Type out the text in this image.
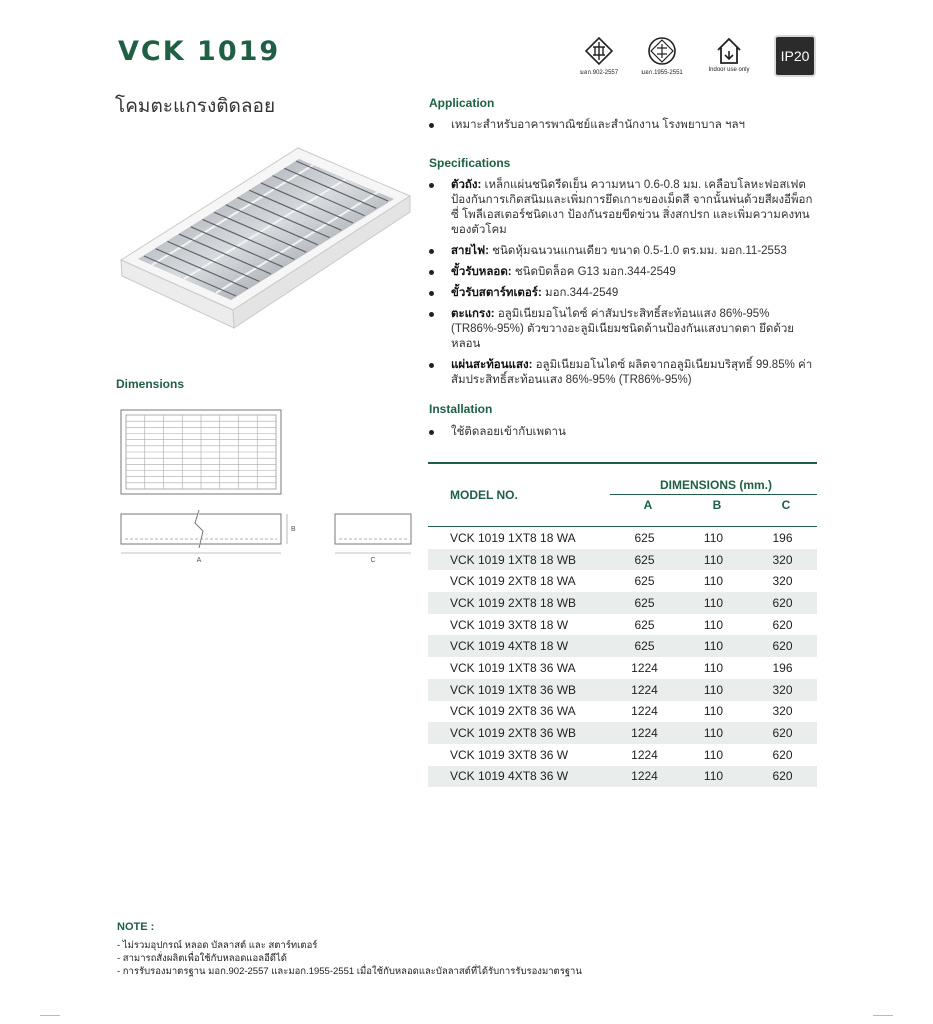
VCK 1019
โคมตะแกรงติดลอย
มอก.902-2557	มอก.1955-2551	Indoor use only
IP20
Dimensions
A
B
C
Application
เหมาะสำหรับอาคารพาณิชย์และสำนักงาน โรงพยาบาล ฯลฯ
Specifications
ตัวถัง: เหล็กแผ่นชนิดรีดเย็น ความหนา 0.6-0.8 มม. เคลือบโลหะฟอสเฟต ป้องกันการเกิดสนิมและเพิ่มการยึดเกาะของเม็ดสี จากนั้นพ่นด้วยสีผงอีพ็อกซี่ โพลีเอสเตอร์ชนิดเงา ป้องกันรอยขีดข่วน สิ่งสกปรก และเพิ่มความคงทนของตัวโคม
สายไฟ: ชนิดหุ้มฉนวนแกนเดียว ขนาด 0.5-1.0 ตร.มม. มอก.11-2553
ขั้วรับหลอด: ชนิดบิดล็อค G13 มอก.344-2549
ขั้วรับสตาร์ทเตอร์: มอก.344-2549
ตะแกรง: อลูมิเนียมอโนไดซ์ ค่าสัมประสิทธิ์สะท้อนแสง 86%-95% (TR86%-95%) ตัวขวางอะลูมิเนียมชนิดด้านป้องกันแสงบาดตา ยึดด้วยหลอน
แผ่นสะท้อนแสง: อลูมิเนียมอโนไดซ์ ผลิตจากอลูมิเนียมบริสุทธิ์ 99.85% ค่าสัมประสิทธิ์สะท้อนแสง 86%-95% (TR86%-95%)
Installation
ใช้ติดลอยเข้ากับเพดาน
MODEL NO.
DIMENSIONS (mm.)
A	B	C
VCK 1019 1XT8 18 WA	625	110	196
VCK 1019 1XT8 18 WB	625	110	320
VCK 1019 2XT8 18 WA	625	110	320
VCK 1019 2XT8 18 WB	625	110	620
VCK 1019 3XT8 18 W	625	110	620
VCK 1019 4XT8 18 W	625	110	620
VCK 1019 1XT8 36 WA	1224	110	196
VCK 1019 1XT8 36 WB	1224	110	320
VCK 1019 2XT8 36 WA	1224	110	320
VCK 1019 2XT8 36 WB	1224	110	620
VCK 1019 3XT8 36 W	1224	110	620
VCK 1019 4XT8 36 W	1224	110	620
NOTE :
- ไม่รวมอุปกรณ์ หลอด บัลลาสต์ และ สตาร์ทเตอร์
- สามารถสั่งผลิตเพื่อใช้กับหลอดแอลอีดีได้
- การรับรองมาตรฐาน มอก.902-2557 และมอก.1955-2551 เมื่อใช้กับหลอดและบัลลาสต์ที่ได้รับการรับรองมาตรฐาน
